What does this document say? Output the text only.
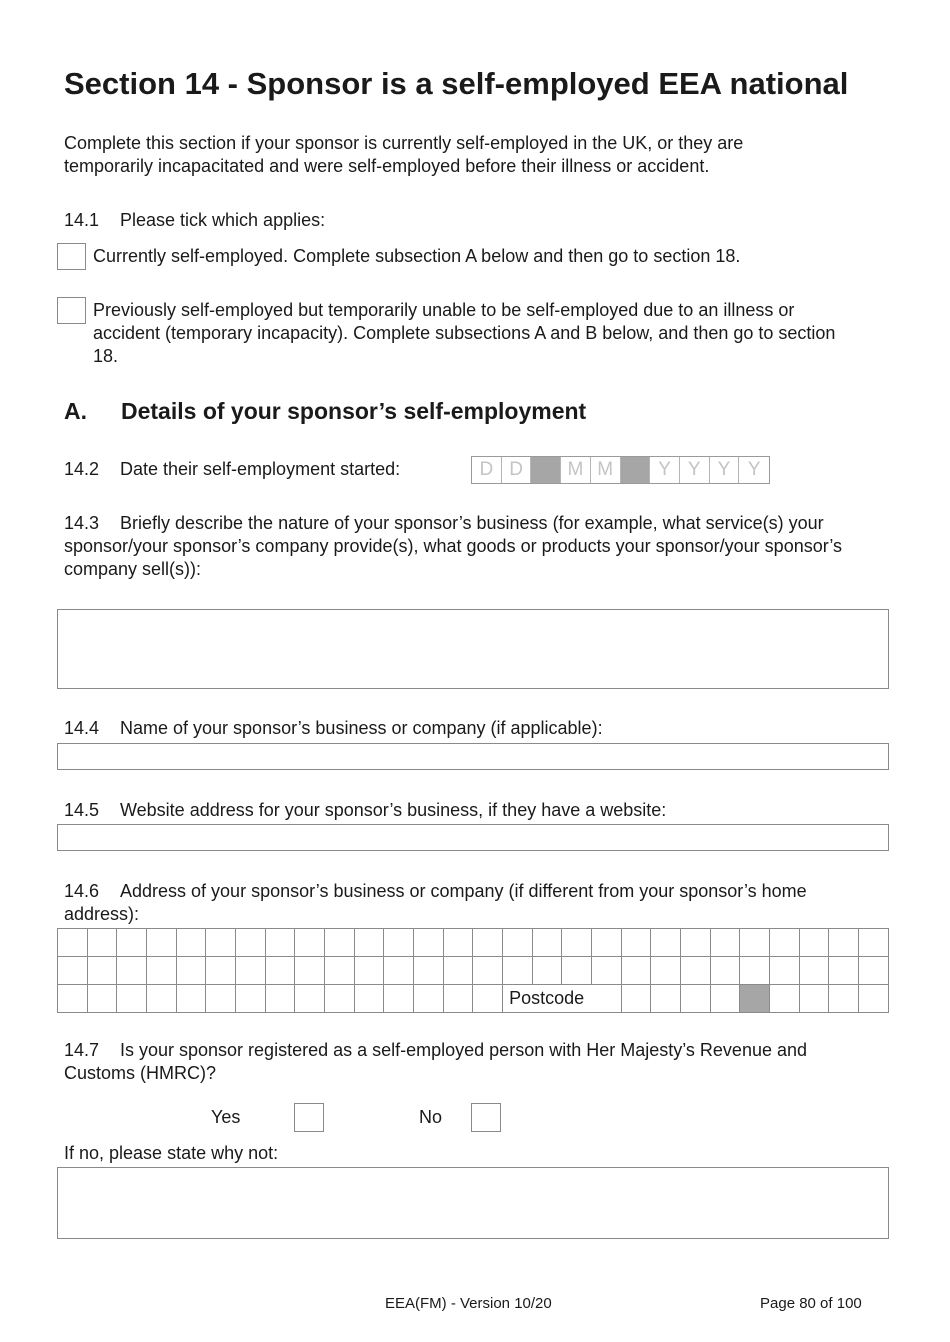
Section 14 - Sponsor is a self-employed EEA national
Complete this section if your sponsor is currently self-employed in the UK, or they are temporarily incapacitated and were self-employed before their illness or accident.
14.1 Please tick which applies:
Currently self-employed. Complete subsection A below and then go to section 18.
Previously self-employed but temporarily unable to be self-employed due to an illness or accident (temporary incapacity). Complete subsections A and B below, and then go to section 18.
A. Details of your sponsor’s self-employment
14.2 Date their self-employment started:	D D	M M	Y Y Y Y
14.3 Briefly describe the nature of your sponsor’s business (for example, what service(s) your sponsor/your sponsor’s company provide(s), what goods or products your sponsor/your sponsor’s company sell(s)):
14.4 Name of your sponsor’s business or company (if applicable):
14.5 Website address for your sponsor’s business, if they have a website:
14.6 Address of your sponsor’s business or company (if different from your sponsor’s home address):

															Postcode												
14.7 Is your sponsor registered as a self-employed person with Her Majesty’s Revenue and Customs (HMRC)?
Yes	No
If no, please state why not:
EEA(FM) - Version 10/20	Page 80 of 100
